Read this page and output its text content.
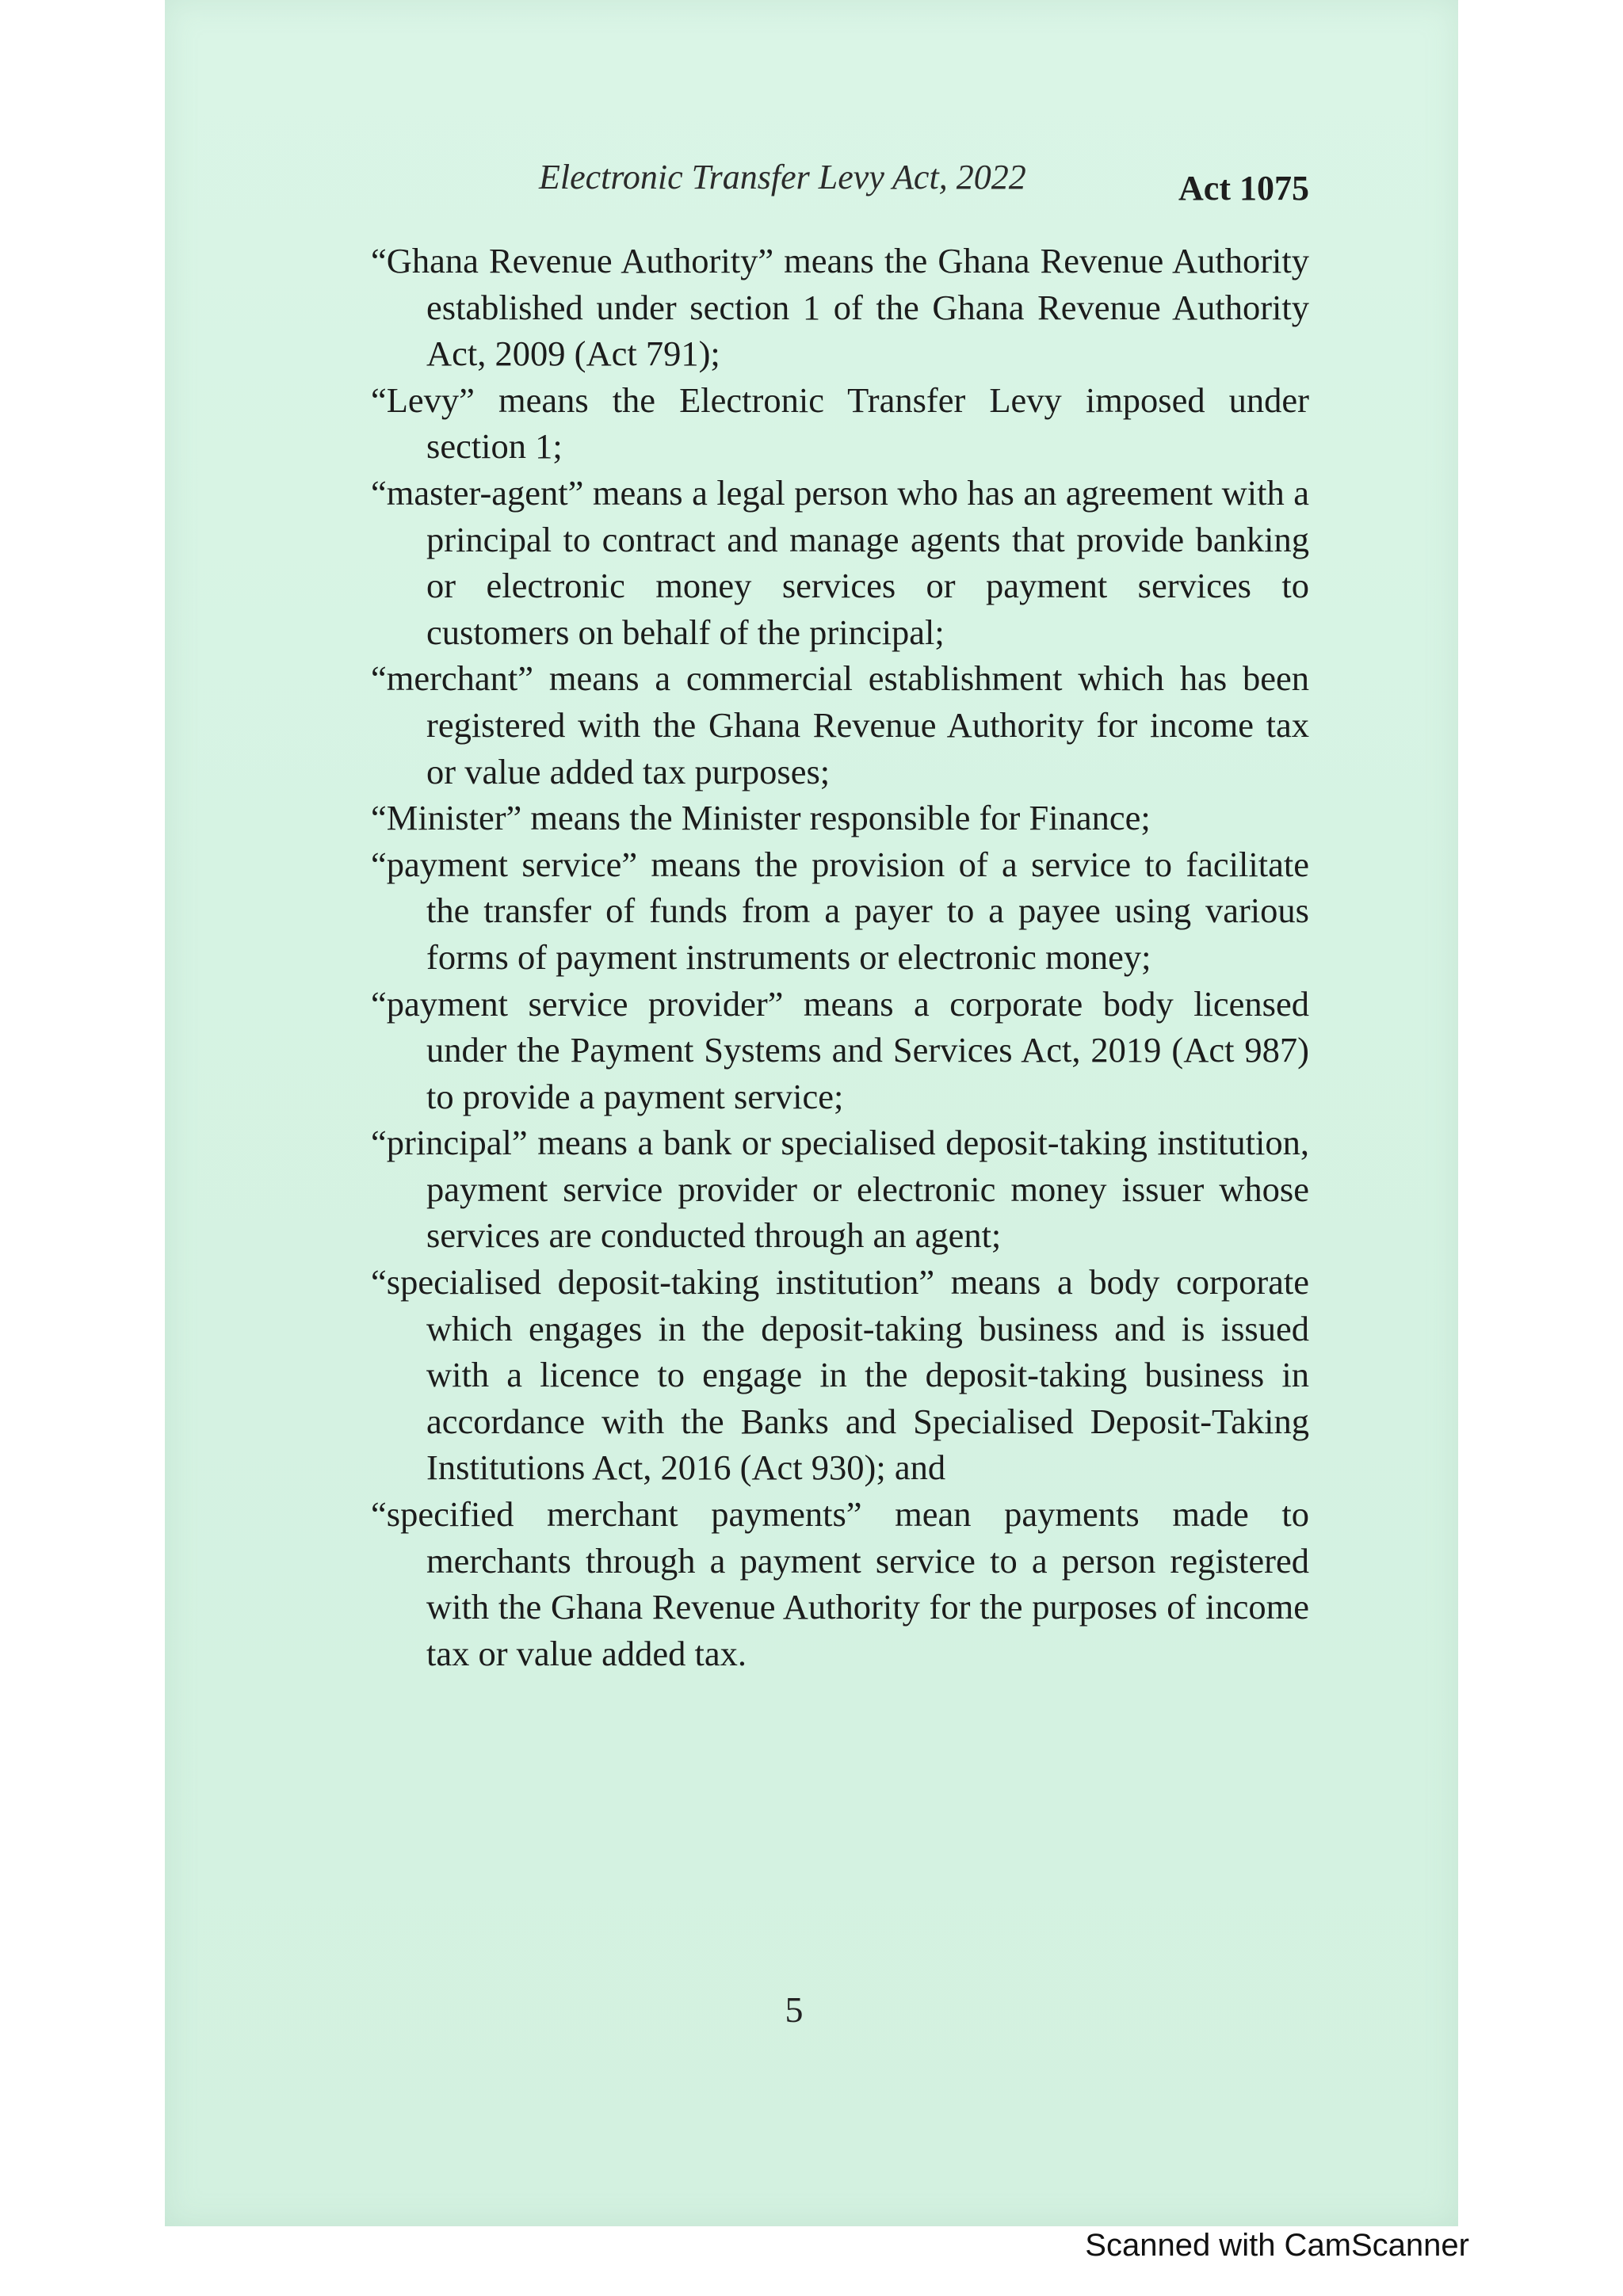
Electronic Transfer Levy Act, 2022	Act 1075
“Ghana Revenue Authority” means the Ghana Revenue Authority established under section 1 of the Ghana Revenue Authority Act, 2009 (Act 791);
“Levy” means the Electronic Transfer Levy imposed under section 1;
“master-agent” means a legal person who has an agreement with a principal to contract and manage agents that provide banking or electronic money services or payment services to customers on behalf of the principal;
“merchant” means a commercial establishment which has been registered with the Ghana Revenue Authority for income tax or value added tax purposes;
“Minister” means the Minister responsible for Finance;
“payment service” means the provision of a service to facilitate the transfer of funds from a payer to a payee using various forms of payment instruments or electronic money;
“payment service provider” means a corporate body licensed under the Payment Systems and Services Act, 2019 (Act 987) to provide a payment service;
“principal” means a bank or specialised deposit-taking institution, payment service provider or electronic money issuer whose services are conducted through an agent;
“specialised deposit-taking institution” means a body corporate which engages in the deposit-taking business and is issued with a licence to engage in the deposit-taking business in accordance with the Banks and Specialised Deposit-Taking Institutions Act, 2016 (Act 930); and
“specified merchant payments” mean payments made to merchants through a payment service to a person registered with the Ghana Revenue Authority for the purposes of income tax or value added tax.
5
Scanned with CamScanner
